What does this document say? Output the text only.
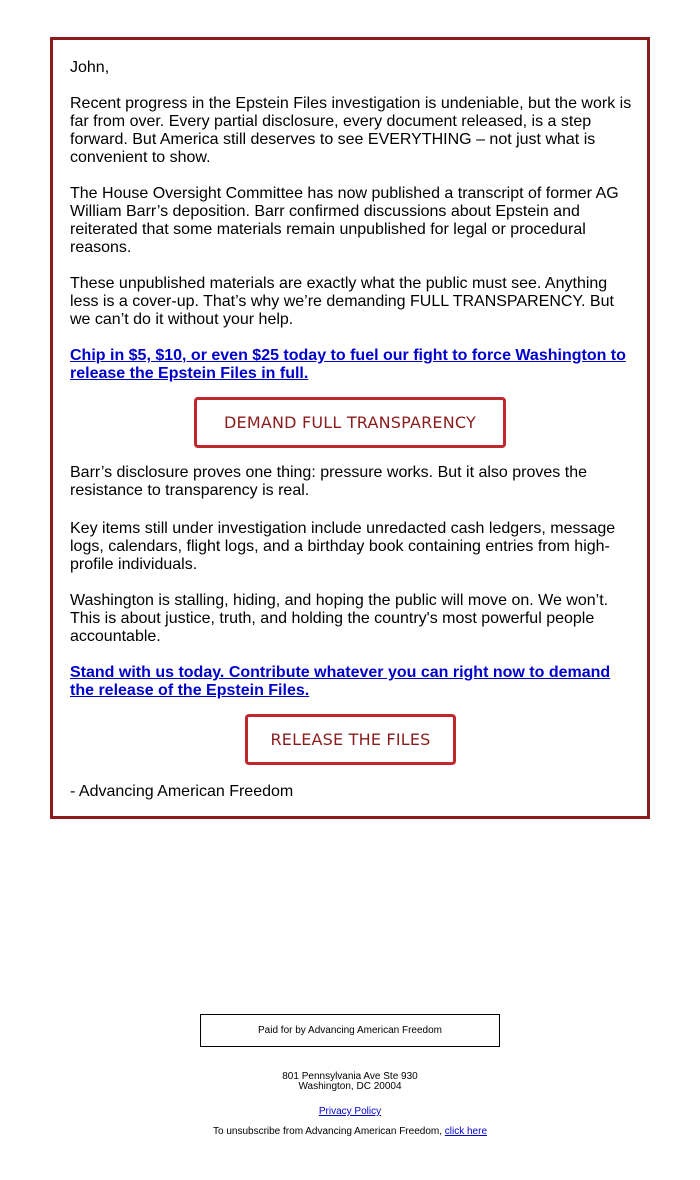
John,

Recent progress in the Epstein Files investigation is undeniable, but the work is far from over. Every partial disclosure, every document released, is a step forward. But America still deserves to see EVERYTHING – not just what is convenient to show.

The House Oversight Committee has now published a transcript of former AG William Barr’s deposition. Barr confirmed discussions about Epstein and reiterated that some materials remain unpublished for legal or procedural reasons.

These unpublished materials are exactly what the public must see. Anything less is a cover-up. That’s why we’re demanding FULL TRANSPARENCY. But we can’t do it without your help.

Chip in $5, $10, or even $25 today to fuel our fight to force Washington to release the Epstein Files in full.

Barr’s disclosure proves one thing: pressure works. But it also proves the resistance to transparency is real.

Key items still under investigation include unredacted cash ledgers, message logs, calendars, flight logs, and a birthday book containing entries from high-profile individuals.

Washington is stalling, hiding, and hoping the public will move on. We won’t. This is about justice, truth, and holding the country's most powerful people accountable.

Stand with us today. Contribute whatever you can right now to demand the release of the Epstein Files.

- Advancing American Freedom

DEMAND FULL TRANSPARENCY
RELEASE THE FILES
Paid for by Advancing American Freedom
801 Pennsylvania Ave Ste 930
Washington, DC 20004
Privacy Policy
To unsubscribe from Advancing American Freedom, click here
